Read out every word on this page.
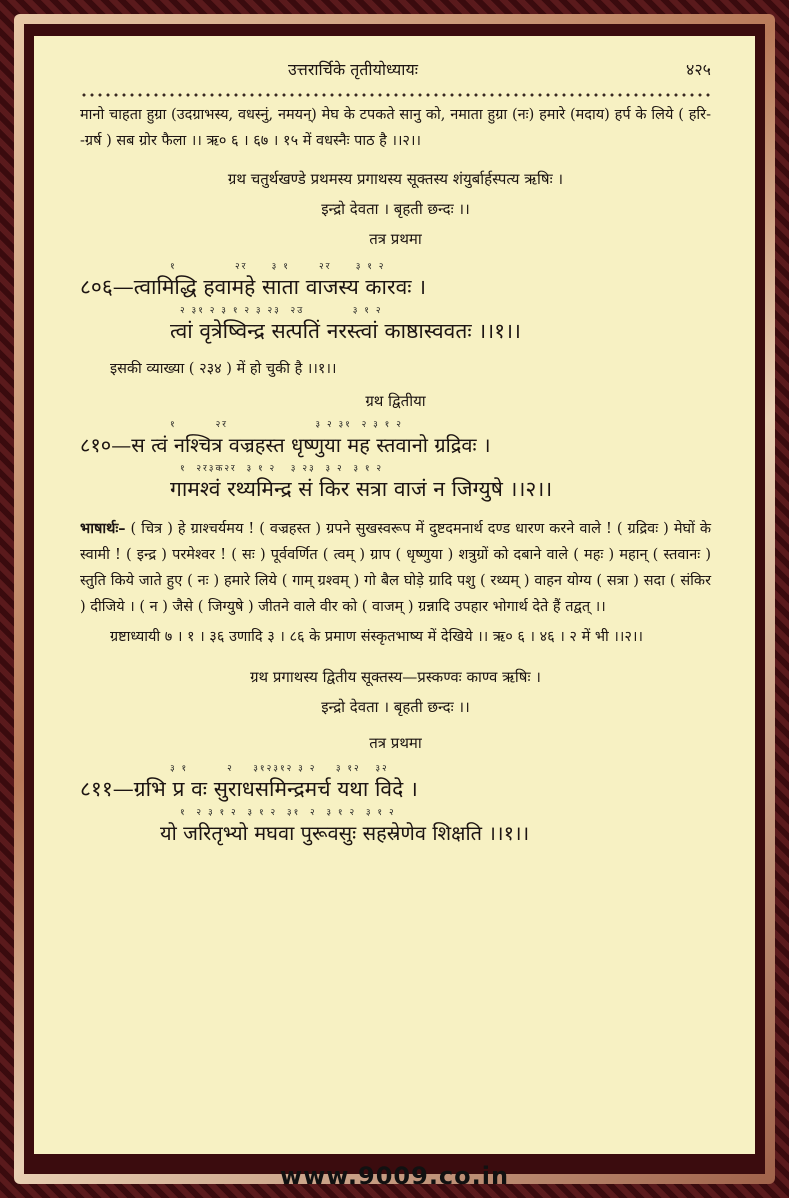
उत्तरार्चिके तृतीयोध्यायः	४२५
मानो चाहता हुग्रा (उदग्राभस्य, वधस्नुं, नमयन्) मेघ के टपकते सानु को, नमाता हुग्रा (नः) हमारे (मदाय) हर्प के लिये ( हरि--ग्रर्ष ) सब ग्रोर फैला ।। ऋ० ६ । ६७ । १५ में वधस्नैः पाठ है ।।२।।
ग्रथ चतुर्थखण्डे प्रथमस्य प्रगाथस्य सूक्तस्य शंयुर्बार्हस्पत्य ऋषिः ।
इन्द्रो देवता । बृहती छन्दः ।।
तत्र प्रथमा
१            २र     ३ १      २र     ३ १ २
८०६—त्वामिद्धि हवामहे साता वाजस्य कारवः ।
२ ३१ २ ३ १ २ ३ २३  २उ          ३ १ २
त्वां वृत्रेष्विन्द्र सत्पतिं नरस्त्वां काष्ठास्ववतः ।।१।।
इसकी व्याख्या ( २३४ ) में हो चुकी है ।।१।।
ग्रथ द्वितीया
१        २र                  ३ २ ३१  २ ३ १ २
८१०—स त्वं नश्चित्र वज्रहस्त धृष्णुया मह स्तवानो ग्रद्रिवः ।
१  २र३क२र  ३ १ २   ३ २३  ३ २  ३ १ २
गामश्वं रथ्यमिन्द्र सं किर सत्रा वाजं न जिग्युषे ।।२।।
भाषार्थः– ( चित्र ) हे ग्राश्चर्यमय ! ( वज्रहस्त ) ग्रपने सुखस्वरूप में दुष्टदमनार्थ दण्ड धारण करने वाले ! ( ग्रद्रिवः ) मेघों के स्वामी ! ( इन्द्र ) परमेश्वर ! ( सः ) पूर्ववर्णित ( त्वम् ) ग्राप ( धृष्णुया ) शत्रुग्रों को दबाने वाले ( महः ) महान् ( स्तवानः ) स्तुति किये जाते हुए ( नः ) हमारे लिये ( गाम् ग्रश्वम् ) गो बैल घोड़े ग्रादि पशु ( रथ्यम् ) वाहन योग्य ( सत्रा ) सदा ( संकिर ) दीजिये । ( न ) जैसे ( जिग्युषे ) जीतने वाले वीर को ( वाजम् ) ग्रन्नादि उपहार भोगार्थ देते हैं तद्वत् ।।
ग्रष्टाध्यायी ७ । १ । ३६ उणादि ३ । ८६ के प्रमाण संस्कृतभाष्य में देखिये ।। ऋ० ६ । ४६ । २ में भी ।।२।।
ग्रथ प्रगाथस्य द्वितीय सूक्तस्य—प्रस्कण्वः काण्व ऋषिः ।
इन्द्रो देवता । बृहती छन्दः ।।
तत्र प्रथमा
३ १        २    ३१२३१२ ३ २    ३ १२   ३२
८११—ग्रभि प्र वः सुराधसमिन्द्रमर्च यथा विदे ।
१  २ ३ १ २  ३ १ २  ३१  २  ३ १ २  ३ १ २
यो जरितृभ्यो मघवा पुरूवसुः सहस्रेणेव शिक्षति ।।१।।
www.9009.co.in
